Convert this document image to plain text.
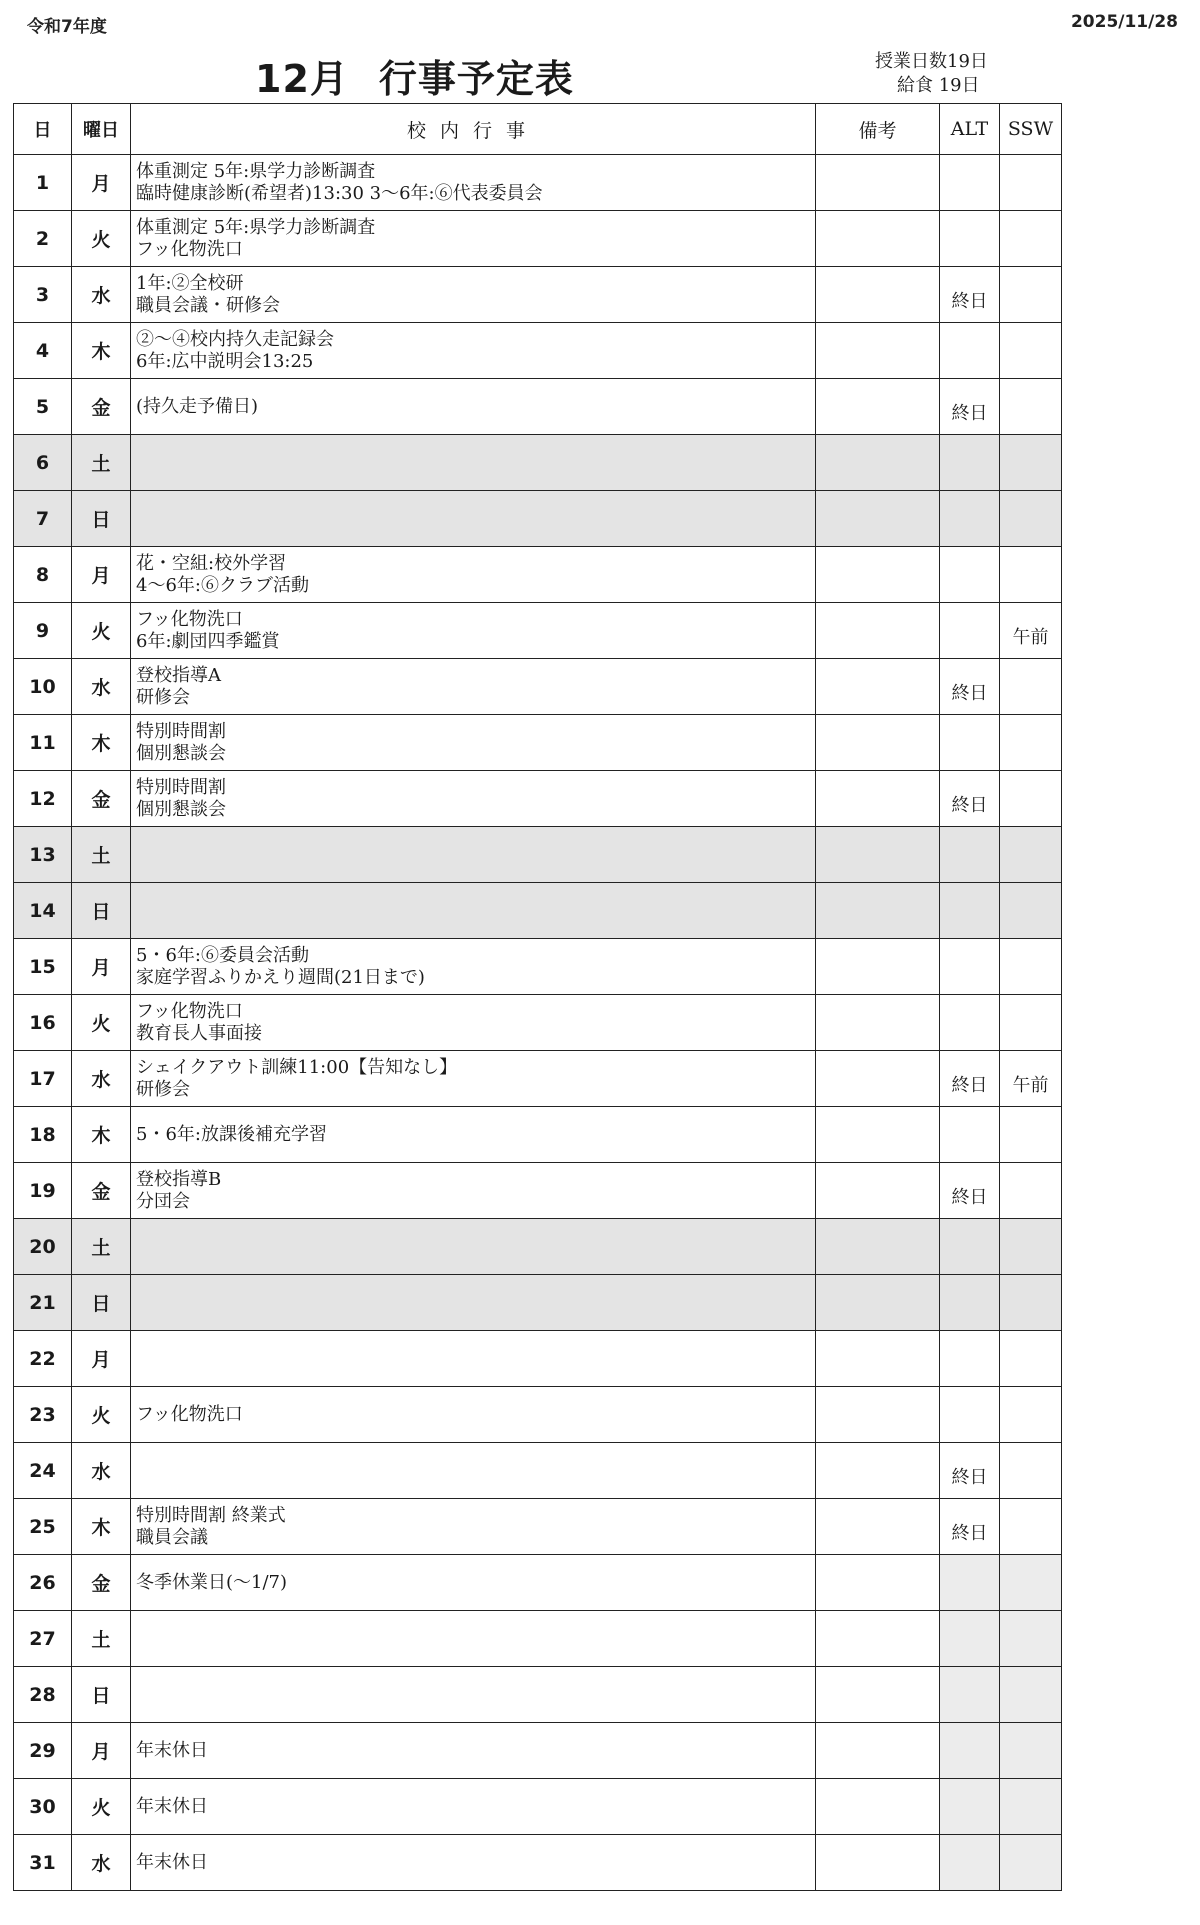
令和7年度	2025/11/28
12月 行事予定表	授業日数19日
給食 19日
日	曜日	校内行事	備考	ALT	SSW
1	月	体重測定 5年:県学力診断調査
臨時健康診断(希望者)13:30 3〜6年:⑥代表委員会			

2	火	体重測定 5年:県学力診断調査
フッ化物洗口			

3	水	1年:②全校研
職員会議・研修会		終日	
4	木	②〜④校内持久走記録会
6年:広中説明会13:25			

5	金	(持久走予備日)		終日	
6	土				
7	日				
8	月	花・空組:校外学習
4〜6年:⑥クラブ活動			

9	火	フッ化物洗口
6年:劇団四季鑑賞			午前
10	水	登校指導A
研修会		終日	
11	木	特別時間割
個別懇談会			

12	金	特別時間割
個別懇談会		終日	
13	土				
14	日				
15	月	5・6年:⑥委員会活動
家庭学習ふりかえり週間(21日まで)			

16	火	フッ化物洗口
教育長人事面接			

17	水	シェイクアウト訓練11:00【告知なし】
研修会		終日	午前
18	木	5・6年:放課後補充学習			

19	金	登校指導B
分団会		終日	
20	土				
21	日				
22	月				
23	火	フッ化物洗口			

24	水			終日	
25	木	特別時間割 終業式
職員会議		終日	
26	金	冬季休業日(〜1/7)			

27	土				
28	日				
29	月	年末休日			

30	火	年末休日			

31	水	年末休日			
